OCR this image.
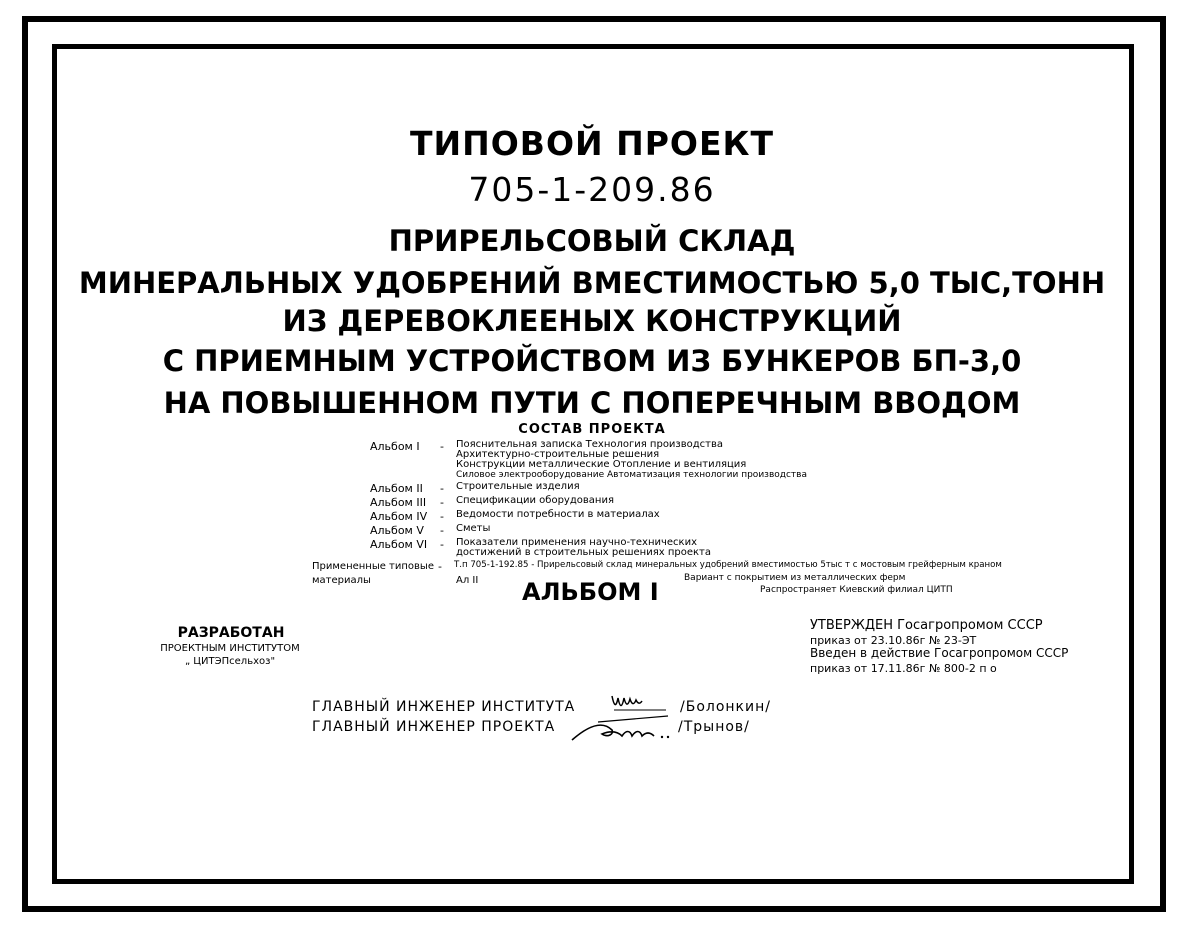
ТИПОВОЙ ПРОЕКТ
705-1-209.86
ПРИРЕЛЬСОВЫЙ СКЛАД
МИНЕРАЛЬНЫХ УДОБРЕНИЙ ВМЕСТИМОСТЬЮ 5,0 ТЫС,ТОНН
ИЗ ДЕРЕВОКЛЕЕНЫХ КОНСТРУКЦИЙ
С ПРИЕМНЫМ УСТРОЙСТВОМ ИЗ БУНКЕРОВ БП-3,0
НА ПОВЫШЕННОМ ПУТИ С ПОПЕРЕЧНЫМ ВВОДОМ
СОСТАВ ПРОЕКТА
Альбом I - Пояснительная записка Технология производства
Архитектурно-строительные решения
Конструкции металлические Отопление и вентиляция
Силовое электрооборудование Автоматизация технологии производства
Альбом II - Строительные изделия
Альбом III - Спецификации оборудования
Альбом IV - Ведомости потребности в материалах
Альбом V - Сметы
Альбом VI - Показатели применения научно-технических
достижений в строительных решениях проекта
Примененные типовые
материалы
- Т.п 705-1-192.85 - Прирельсовый склад минеральных удобрений вместимостью 5тыс т с мостовым грейферным краном
Ал II	Вариант с покрытием из металлических ферм
Распространяет Киевский филиал ЦИТП
АЛЬБОМ I
РАЗРАБОТАН
ПРОЕКТНЫМ ИНСТИТУТОМ
„ ЦИТЭПсельхоз"
УТВЕРЖДЕН Госагропромом СССР
приказ от 23.10.86г № 23-ЭТ
Введен в действие Госагропромом СССР
приказ от 17.11.86г № 800-2 п о
ГЛАВНЫЙ ИНЖЕНЕР ИНСТИТУТА	/Болонкин/
ГЛАВНЫЙ ИНЖЕНЕР ПРОЕКТА	/Трынов/
